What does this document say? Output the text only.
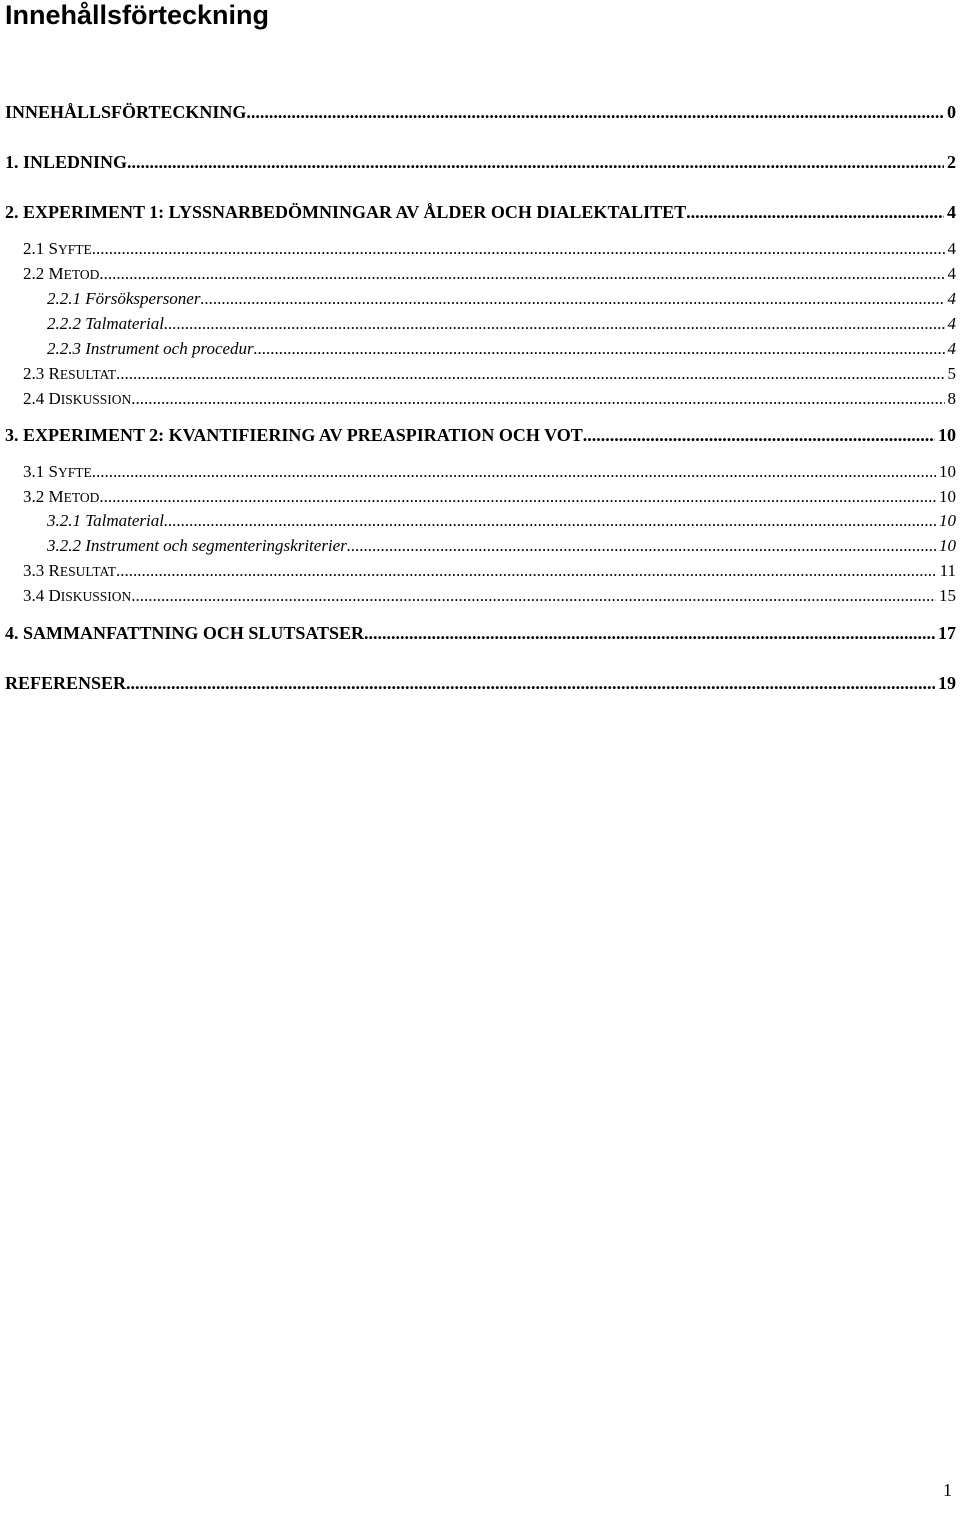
Innehållsförteckning
INNEHÅLLSFÖRTECKNING .....	0
1. INLEDNING .....	2
2. EXPERIMENT 1: LYSSNARBEDÖMNINGAR AV ÅLDER OCH DIALEKTALITET .....	4
2.1 SYFTE .....	4
2.2 METOD .....	4
2.2.1 Försökspersoner .....	4
2.2.2 Talmaterial .....	4
2.2.3 Instrument och procedur .....	4
2.3 RESULTAT .....	5
2.4 DISKUSSION .....	8
3. EXPERIMENT 2: KVANTIFIERING AV PREASPIRATION OCH VOT .....	10
3.1 SYFTE .....	10
3.2 METOD .....	10
3.2.1 Talmaterial .....	10
3.2.2 Instrument och segmenteringskriterier .....	10
3.3 RESULTAT .....	11
3.4 DISKUSSION .....	15
4. SAMMANFATTNING OCH SLUTSATSER .....	17
REFERENSER .....	19
1
